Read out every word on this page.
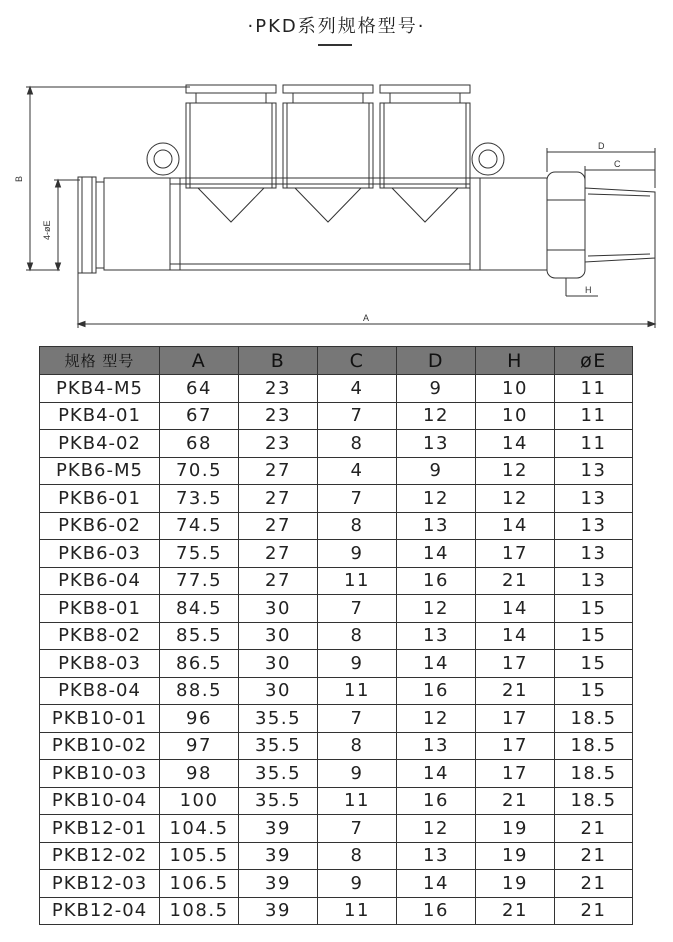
·PKD系列规格型号·
B
4-øE
D
C
H
A
规格 型号	A	B	C	D	H	øE
PKB4-M5	64	23	4	9	10	11
PKB4-01	67	23	7	12	10	11
PKB4-02	68	23	8	13	14	11
PKB6-M5	70.5	27	4	9	12	13
PKB6-01	73.5	27	7	12	12	13
PKB6-02	74.5	27	8	13	14	13
PKB6-03	75.5	27	9	14	17	13
PKB6-04	77.5	27	11	16	21	13
PKB8-01	84.5	30	7	12	14	15
PKB8-02	85.5	30	8	13	14	15
PKB8-03	86.5	30	9	14	17	15
PKB8-04	88.5	30	11	16	21	15
PKB10-01	96	35.5	7	12	17	18.5
PKB10-02	97	35.5	8	13	17	18.5
PKB10-03	98	35.5	9	14	17	18.5
PKB10-04	100	35.5	11	16	21	18.5
PKB12-01	104.5	39	7	12	19	21
PKB12-02	105.5	39	8	13	19	21
PKB12-03	106.5	39	9	14	19	21
PKB12-04	108.5	39	11	16	21	21
